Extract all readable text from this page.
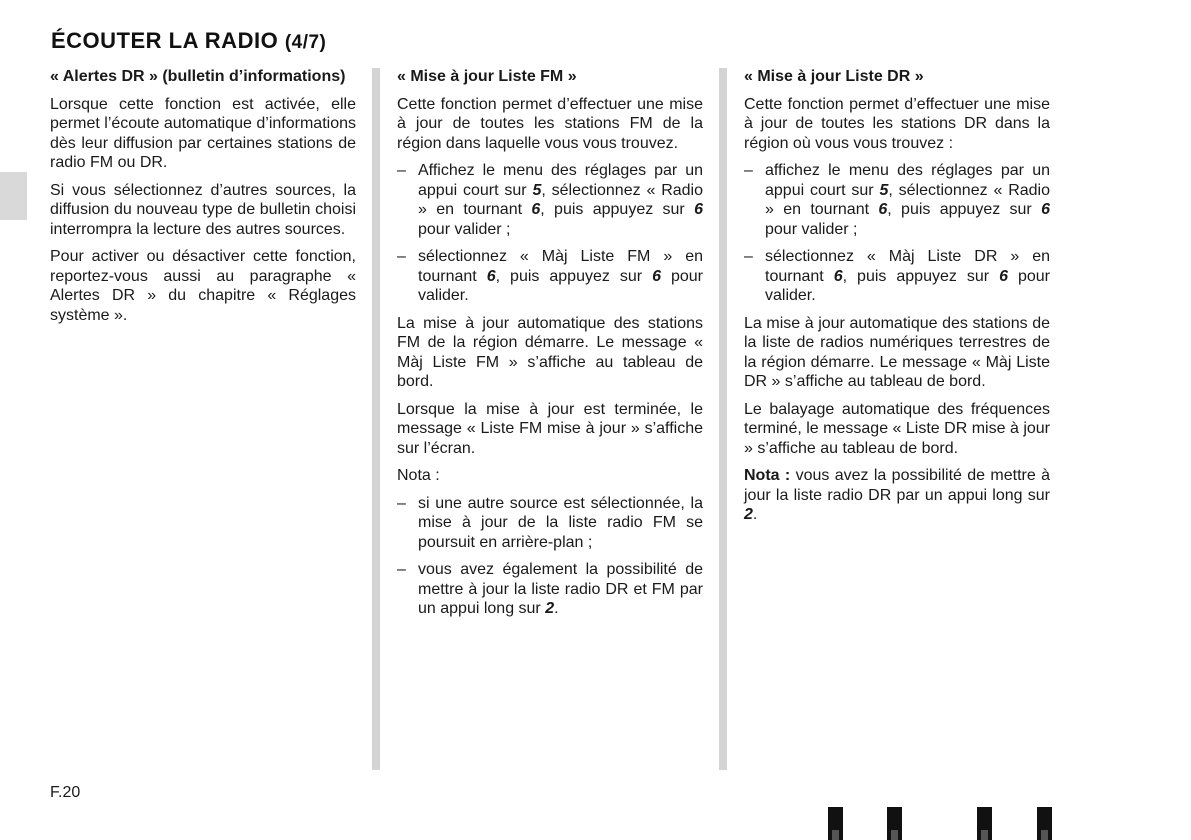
ÉCOUTER LA RADIO (4/7)
« Alertes DR » (bulletin d’informations)

Lorsque cette fonction est activée, elle permet l’écoute automatique d’informations dès leur diffusion par certaines stations de radio FM ou DR.

Si vous sélectionnez d’autres sources, la diffusion du nouveau type de bulletin choisi interrompra la lecture des autres sources.

Pour activer ou désactiver cette fonction, reportez-vous aussi au paragraphe « Alertes DR » du chapitre « Réglages système ».

« Mise à jour Liste FM »

Cette fonction permet d’effectuer une mise à jour de toutes les stations FM de la région dans laquelle vous vous trouvez.

– Affichez le menu des réglages par un appui court sur 5, sélectionnez « Radio » en tournant 6, puis appuyez sur 6 pour valider ;
– sélectionnez « Màj Liste FM » en tournant 6, puis appuyez sur 6 pour valider.

La mise à jour automatique des stations FM de la région démarre. Le message « Màj Liste FM » s’affiche au tableau de bord.

Lorsque la mise à jour est terminée, le message « Liste FM mise à jour » s’affiche sur l’écran.

Nota :

– si une autre source est sélectionnée, la mise à jour de la liste radio FM se poursuit en arrière-plan ;
– vous avez également la possibilité de mettre à jour la liste radio DR et FM par un appui long sur 2.
« Mise à jour Liste DR »

Cette fonction permet d’effectuer une mise à jour de toutes les stations DR dans la région où vous vous trouvez :

– affichez le menu des réglages par un appui court sur 5, sélectionnez « Radio » en tournant 6, puis appuyez sur 6 pour valider ;
– sélectionnez « Màj Liste DR » en tournant 6, puis appuyez sur 6 pour valider.

La mise à jour automatique des stations de la liste de radios numériques terrestres de la région démarre. Le message « Màj Liste DR » s’affiche au tableau de bord.

Le balayage automatique des fréquences terminé, le message « Liste DR mise à jour » s’affiche au tableau de bord.

Nota : vous avez la possibilité de mettre à jour la liste radio DR par un appui long sur 2.

F.20
